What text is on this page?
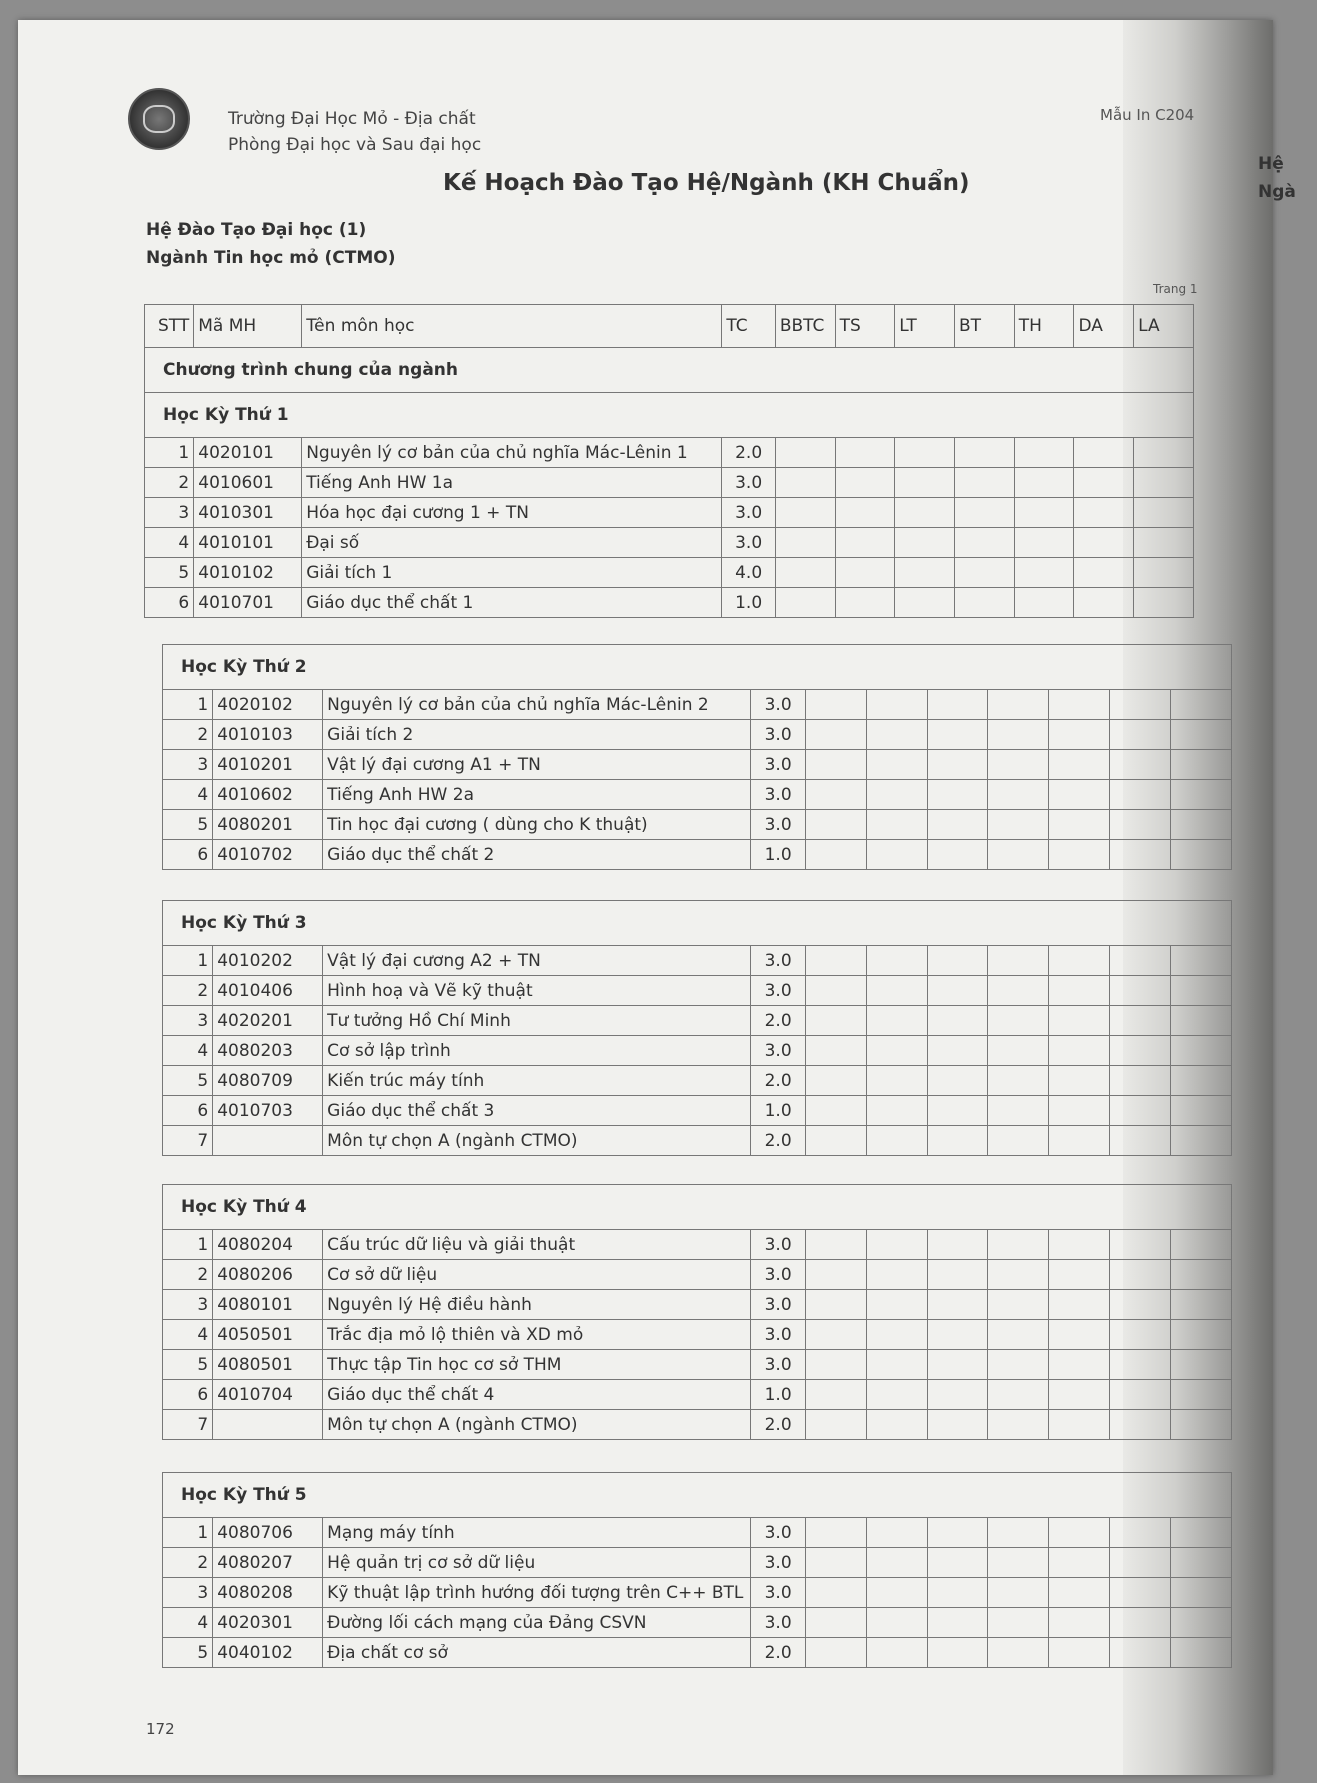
Trường Đại Học Mỏ - Địa chất
Phòng Đại học và Sau đại học
Mẫu In C204
Kế Hoạch Đào Tạo Hệ/Ngành (KH Chuẩn)
Hệ Đào Tạo Đại học (1)
Ngành Tin học mỏ (CTMO)
Trang 1
Hệ
Ngà
STT	Mã MH	Tên môn học	TC	BBTC	TS	LT	BT	TH	DA	LA
Chương trình chung của ngành
Học Kỳ Thứ 1										
1	4020101	Nguyên lý cơ bản của chủ nghĩa Mác-Lênin 1	2.0							
2	4010601	Tiếng Anh HW 1a	3.0							
3	4010301	Hóa học đại cương 1 + TN	3.0							
4	4010101	Đại số	3.0							
5	4010102	Giải tích 1	4.0							
6	4010701	Giáo dục thể chất 1	1.0							
Học Kỳ Thứ 2										
1	4020102	Nguyên lý cơ bản của chủ nghĩa Mác-Lênin 2	3.0							
2	4010103	Giải tích 2	3.0							
3	4010201	Vật lý đại cương A1 + TN	3.0							
4	4010602	Tiếng Anh HW 2a	3.0							
5	4080201	Tin học đại cương ( dùng cho K thuật)	3.0							
6	4010702	Giáo dục thể chất 2	1.0							
Học Kỳ Thứ 3										
1	4010202	Vật lý đại cương A2 + TN	3.0							
2	4010406	Hình hoạ và Vẽ kỹ thuật	3.0							
3	4020201	Tư tưởng Hồ Chí Minh	2.0							
4	4080203	Cơ sở lập trình	3.0							
5	4080709	Kiến trúc máy tính	2.0							
6	4010703	Giáo dục thể chất 3	1.0							
7		Môn tự chọn A (ngành CTMO)	2.0							
Học Kỳ Thứ 4										
1	4080204	Cấu trúc dữ liệu và giải thuật	3.0							
2	4080206	Cơ sở dữ liệu	3.0							
3	4080101	Nguyên lý Hệ điều hành	3.0							
4	4050501	Trắc địa mỏ lộ thiên và XD mỏ	3.0							
5	4080501	Thực tập Tin học cơ sở THM	3.0							
6	4010704	Giáo dục thể chất 4	1.0							
7		Môn tự chọn A (ngành CTMO)	2.0							
Học Kỳ Thứ 5										
1	4080706	Mạng máy tính	3.0							
2	4080207	Hệ quản trị cơ sở dữ liệu	3.0							
3	4080208	Kỹ thuật lập trình hướng đối tượng trên C++ BTL	3.0							
4	4020301	Đường lối cách mạng của Đảng CSVN	3.0							
5	4040102	Địa chất cơ sở	2.0							
172
